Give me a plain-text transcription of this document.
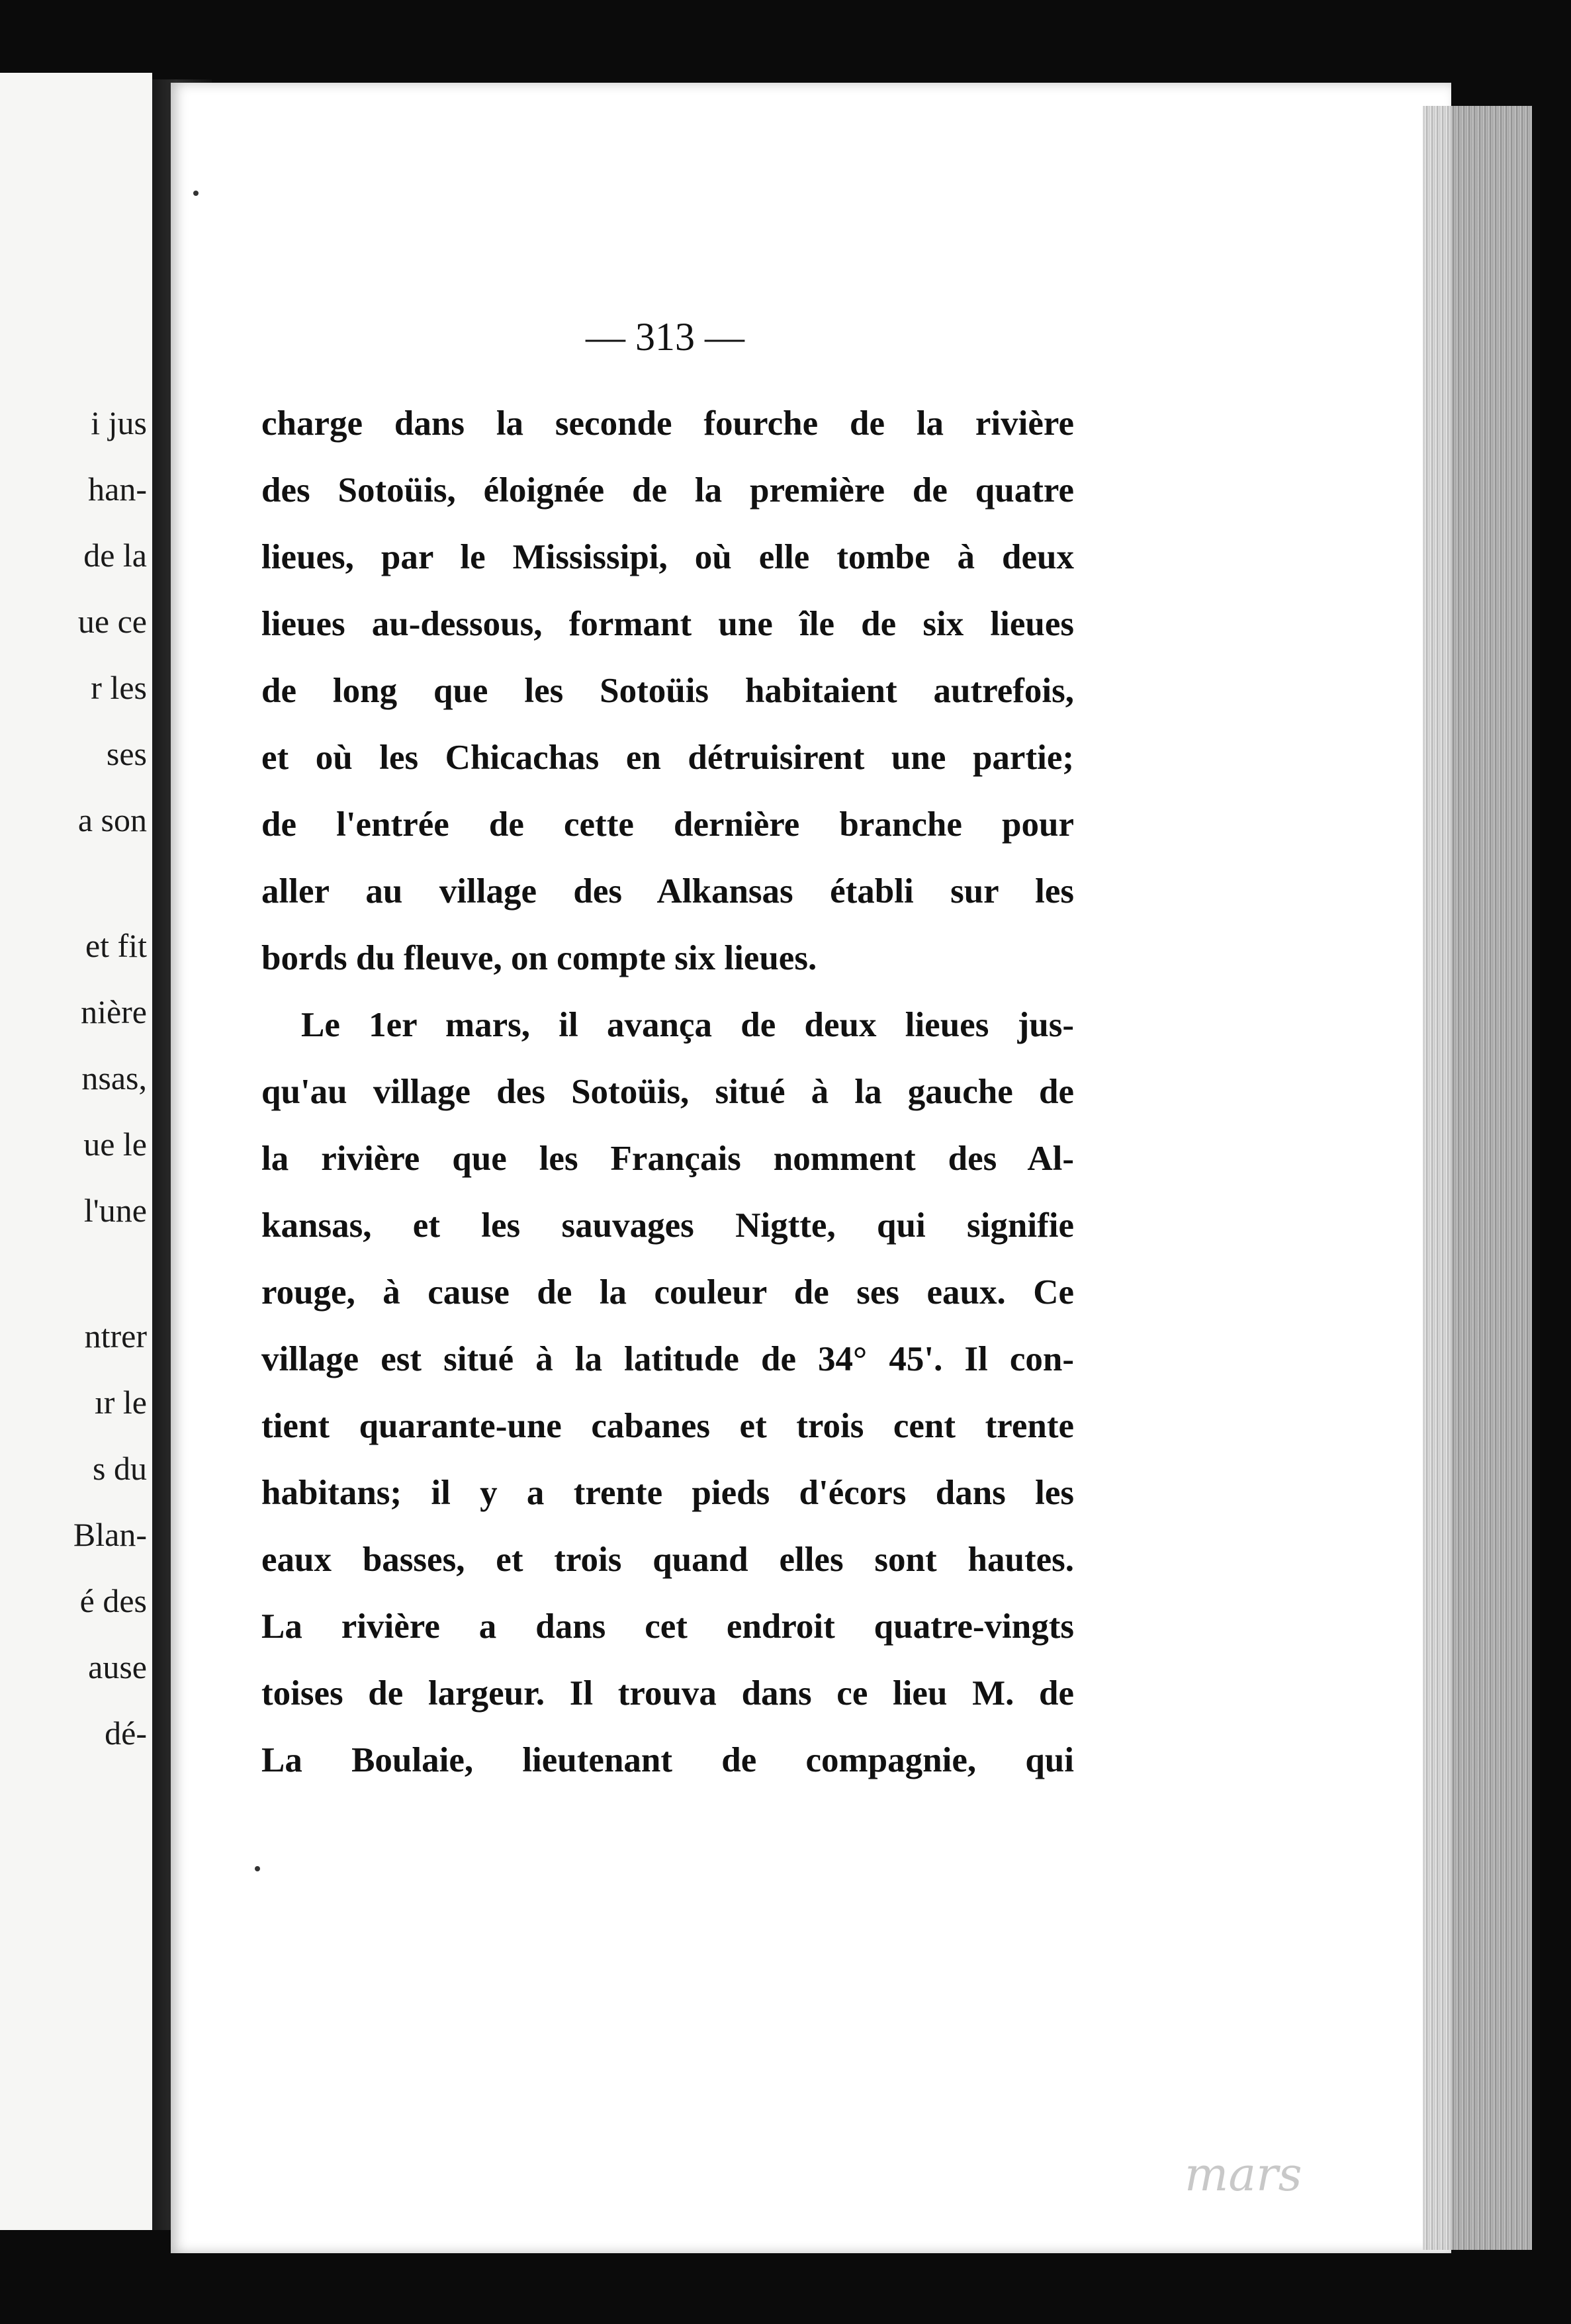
i jus
han-
de la
ue ce
r les
ses
a son
et fit
nière
nsas,
ue le
l'une
ntrer
ır le
s du
Blan-
é des
ause
dé-
— 313 —
charge dans la seconde fourche de la rivière
des Sotoüis, éloignée de la première de quatre
lieues, par le Mississipi, où elle tombe à deux
lieues au-dessous, formant une île de six lieues
de long que les Sotoüis habitaient autrefois,
et où les Chicachas en détruisirent une partie;
de l'entrée de cette dernière branche pour
aller au village des Alkansas établi sur les
bords du fleuve, on compte six lieues.
Le 1er mars, il avança de deux lieues jus-
qu'au village des Sotoüis, situé à la gauche de
la rivière que les Français nomment des Al-
kansas, et les sauvages Nigtte, qui signifie
rouge, à cause de la couleur de ses eaux. Ce
village est situé à la latitude de 34° 45'. Il con-
tient quarante-une cabanes et trois cent trente
habitans; il y a trente pieds d'écors dans les
eaux basses, et trois quand elles sont hautes.
La rivière a dans cet endroit quatre-vingts
toises de largeur. Il trouva dans ce lieu M. de
La Boulaie, lieutenant de compagnie, qui
mars
